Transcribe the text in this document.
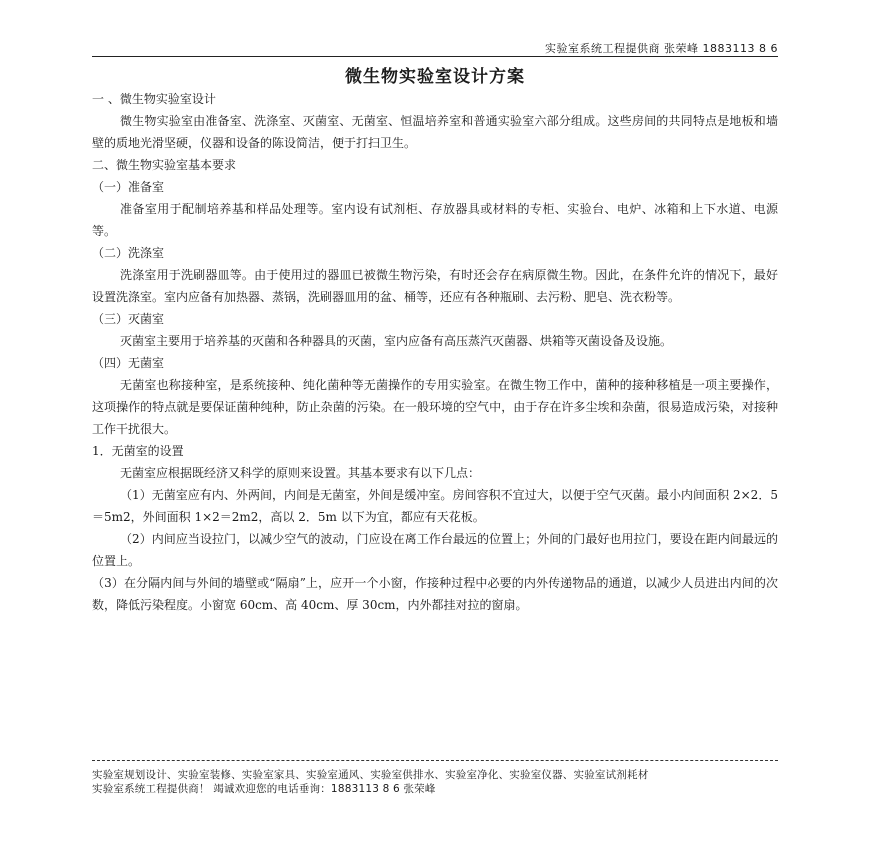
实验室系统工程提供商 张荣峰 1883113 8 6
微生物实验室设计方案

一 、微生物实验室设计

微生物实验室由准备室、洗涤室、灭菌室、无菌室、恒温培养室和普通实验室六部分组成。这些房间的共同特点是地板和墙壁的质地光滑坚硬，仪器和设备的陈设简洁，便于打扫卫生。

二、微生物实验室基本要求

（一）准备室

准备室用于配制培养基和样品处理等。室内设有试剂柜、存放器具或材料的专柜、实验台、电炉、冰箱和上下水道、电源等。

（二）洗涤室

洗涤室用于洗刷器皿等。由于使用过的器皿已被微生物污染，有时还会存在病原微生物。因此，在条件允许的情况下，最好设置洗涤室。室内应备有加热器、蒸锅，洗刷器皿用的盆、桶等，还应有各种瓶刷、去污粉、肥皂、洗衣粉等。

（三）灭菌室

灭菌室主要用于培养基的灭菌和各种器具的灭菌，室内应备有高压蒸汽灭菌器、烘箱等灭菌设备及设施。

（四）无菌室

无菌室也称接种室，是系统接种、纯化菌种等无菌操作的专用实验室。在微生物工作中，菌种的接种移植是一项主要操作，这项操作的特点就是要保证菌种纯种，防止杂菌的污染。在一般环境的空气中，由于存在许多尘埃和杂菌，很易造成污染，对接种工作干扰很大。

1．无菌室的设置

无菌室应根据既经济又科学的原则来设置。其基本要求有以下几点：

（1）无菌室应有内、外两间，内间是无菌室，外间是缓冲室。房间容积不宜过大，以便于空气灭菌。最小内间面积 2×2．5＝5m2，外间面积 1×2＝2m2，高以 2．5m 以下为宜，都应有天花板。

（2）内间应当设拉门，以减少空气的波动，门应设在离工作台最远的位置上；外间的门最好也用拉门，要设在距内间最远的位置上。

（3）在分隔内间与外间的墙壁或“隔扇”上，应开一个小窗，作接种过程中必要的内外传递物品的通道，以减少人员进出内间的次数，降低污染程度。小窗宽 60cm、高 40cm、厚 30cm，内外都挂对拉的窗扇。

实验室规划设计、实验室装修、实验室家具、实验室通风、实验室供排水、实验室净化、实验室仪器、实验室试剂耗材
实验室系统工程提供商！ 竭诚欢迎您的电话垂询：1883113 8 6 张荣峰
